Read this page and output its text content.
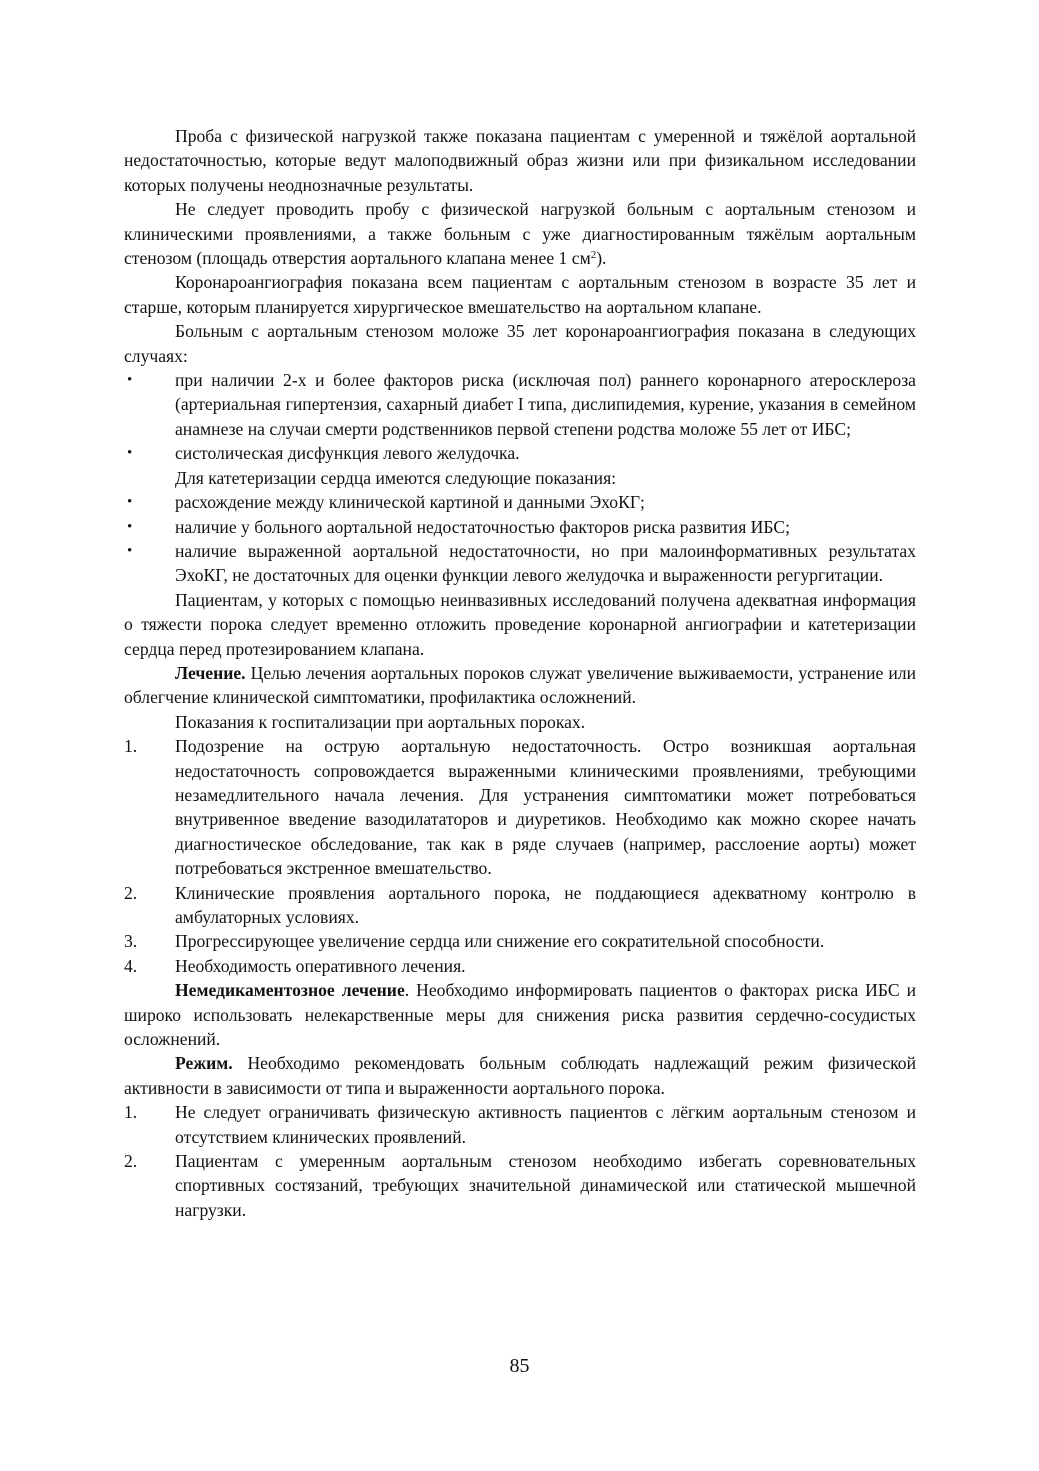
Проба с физической нагрузкой также показана пациентам с умеренной и тяжёлой аортальной недостаточностью, которые ведут малоподвижный образ жизни или при физикальном исследовании которых получены неоднозначные результаты.

Не следует проводить пробу с физической нагрузкой больным с аортальным стенозом и клиническими проявлениями, а также больным с уже диагностированным тяжёлым аортальным стенозом (площадь отверстия аортального клапана менее 1 $см^2$).

Коронароангиография показана всем пациентам с аортальным стенозом в возрасте 35 лет и старше, которым планируется хирургическое вмешательство на аортальном клапане.

Больным с аортальным стенозом моложе 35 лет коронароангиография показана в следующих случаях:

•	при наличии 2-х и более факторов риска (исключая пол) раннего коронарного атеросклероза (артериальная гипертензия, сахарный диабет I типа, дислипидемия, курение, указания в семейном анамнезе на случаи смерти родственников первой степени родства моложе 55 лет от ИБС;
•	систолическая дисфункция левого желудочка.

Для катетеризации сердца имеются следующие показания:

•	расхождение между клинической картиной и данными ЭхоКГ;
•	наличие у больного аортальной недостаточностью факторов риска развития ИБС;
•	наличие выраженной аортальной недостаточности, но при малоинформативных результатах ЭхоКГ, не достаточных для оценки функции левого желудочка и выраженности регургитации.

Пациентам, у которых с помощью неинвазивных исследований получена адекватная информация о тяжести порока следует временно отложить проведение коронарной ангиографии и катетеризации сердца перед протезированием клапана.

Лечение. Целью лечения аортальных пороков служат увеличение выживаемости, устранение или облегчение клинической симптоматики, профилактика осложнений.

Показания к госпитализации при аортальных пороках.

1.	Подозрение на острую аортальную недостаточность. Остро возникшая аортальная недостаточность сопровождается выраженными клиническими проявлениями, требующими незамедлительного начала лечения. Для устранения симптоматики может потребоваться внутривенное введение вазодилататоров и диуретиков. Необходимо как можно скорее начать диагностическое обследование, так как в ряде случаев (например, расслоение аорты) может потребоваться экстренное вмешательство.
2.	Клинические проявления аортального порока, не поддающиеся адекватному контролю в амбулаторных условиях.
3.	Прогрессирующее увеличение сердца или снижение его сократительной способности.
4.	Необходимость оперативного лечения.

Немедикаментозное лечение. Необходимо информировать пациентов о факторах риска ИБС и широко использовать нелекарственные меры для снижения риска развития сердечно-сосудистых осложнений.

Режим. Необходимо рекомендовать больным соблюдать надлежащий режим физической активности в зависимости от типа и выраженности аортального порока.

1.	Не следует ограничивать физическую активность пациентов с лёгким аортальным стенозом и отсутствием клинических проявлений.
2.	Пациентам с умеренным аортальным стенозом необходимо избегать соревновательных спортивных состязаний, требующих значительной динамической или статической мышечной нагрузки.
85
